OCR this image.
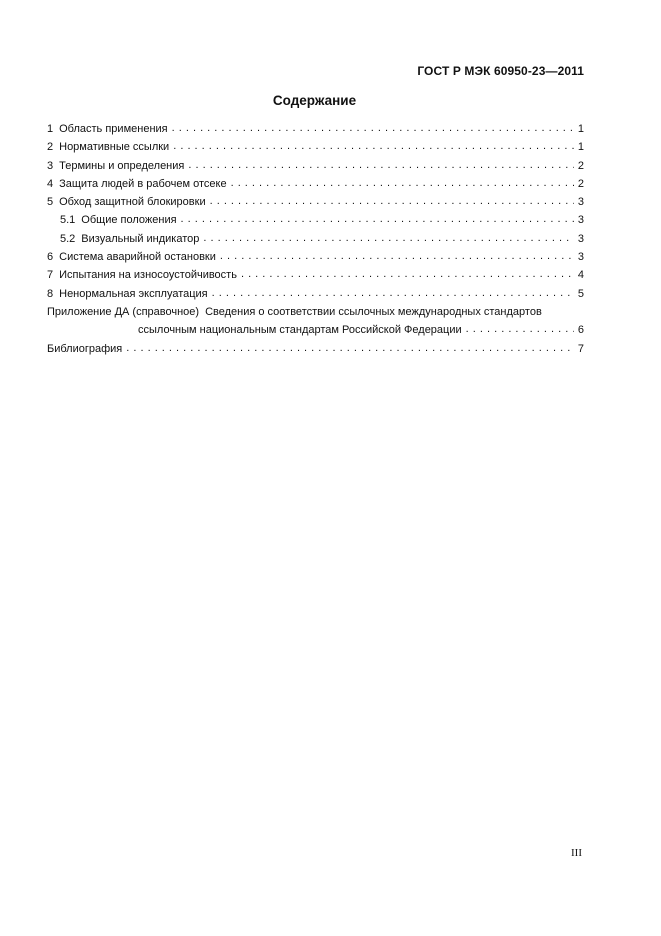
ГОСТ Р МЭК 60950-23—2011
Содержание
1 Область применения . . .	1
2 Нормативные ссылки . . .	1
3 Термины и определения . . .	2
4 Защита людей в рабочем отсеке . . .	2
5 Обход защитной блокировки . . .	3
5.1 Общие положения . . .	3
5.2 Визуальный индикатор . . .	3
6 Система аварийной остановки . . .	3
7 Испытания на износоустойчивость . . .	4
8 Ненормальная эксплуатация . . .	5
Приложение ДА (справочное) Сведения о соответствии ссылочных международных стандартов
ссылочным национальным стандартам Российской Федерации . . .	6
Библиография . . .	7
III
